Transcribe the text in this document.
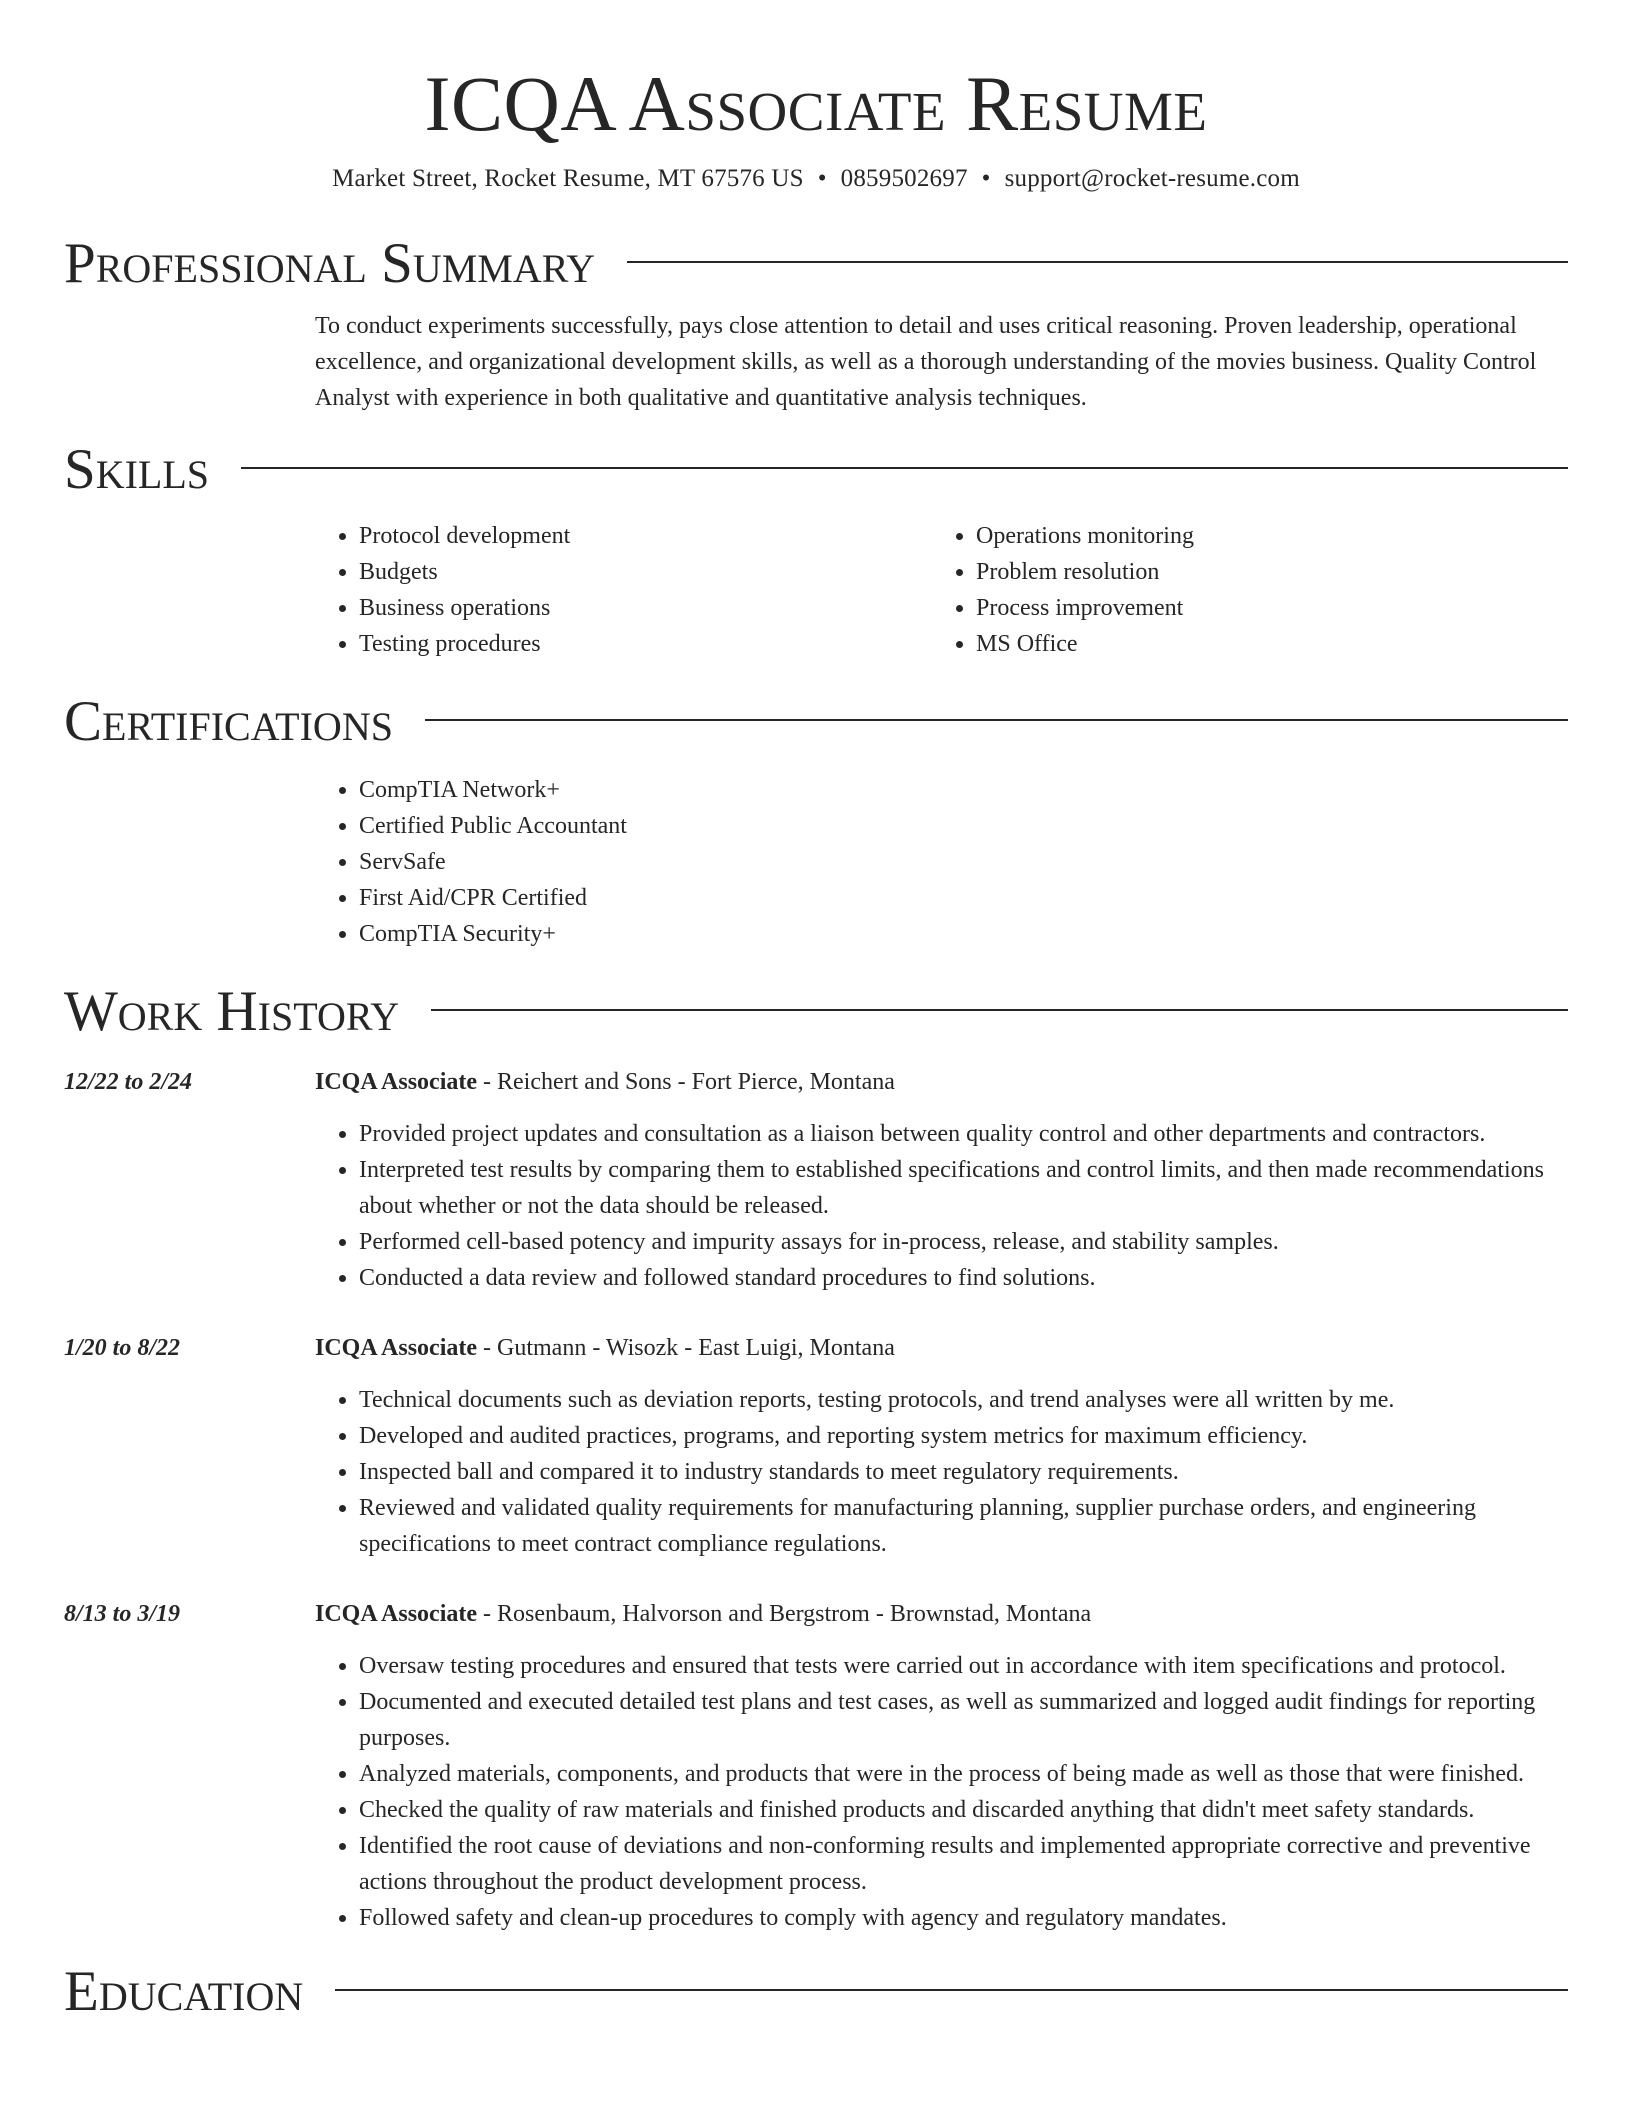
ICQA Associate Resume
Market Street, Rocket Resume, MT 67576 US • 0859502697 • support@rocket-resume.com
Professional Summary
To conduct experiments successfully, pays close attention to detail and uses critical reasoning. Proven leadership, operational excellence, and organizational development skills, as well as a thorough understanding of the movies business. Quality Control Analyst with experience in both qualitative and quantitative analysis techniques.
Skills
• Protocol development
• Budgets
• Business operations
• Testing procedures
• Operations monitoring
• Problem resolution
• Process improvement
• MS Office
Certifications
• CompTIA Network+
• Certified Public Accountant
• ServSafe
• First Aid/CPR Certified
• CompTIA Security+
Work History
12/22 to 2/24	ICQA Associate - Reichert and Sons - Fort Pierce, Montana
• Provided project updates and consultation as a liaison between quality control and other departments and contractors.
• Interpreted test results by comparing them to established specifications and control limits, and then made recommendations about whether or not the data should be released.
• Performed cell-based potency and impurity assays for in-process, release, and stability samples.
• Conducted a data review and followed standard procedures to find solutions.
1/20 to 8/22	ICQA Associate - Gutmann - Wisozk - East Luigi, Montana
• Technical documents such as deviation reports, testing protocols, and trend analyses were all written by me.
• Developed and audited practices, programs, and reporting system metrics for maximum efficiency.
• Inspected ball and compared it to industry standards to meet regulatory requirements.
• Reviewed and validated quality requirements for manufacturing planning, supplier purchase orders, and engineering specifications to meet contract compliance regulations.
8/13 to 3/19	ICQA Associate - Rosenbaum, Halvorson and Bergstrom - Brownstad, Montana
• Oversaw testing procedures and ensured that tests were carried out in accordance with item specifications and protocol.
• Documented and executed detailed test plans and test cases, as well as summarized and logged audit findings for reporting purposes.
• Analyzed materials, components, and products that were in the process of being made as well as those that were finished.
• Checked the quality of raw materials and finished products and discarded anything that didn't meet safety standards.
• Identified the root cause of deviations and non-conforming results and implemented appropriate corrective and preventive actions throughout the product development process.
• Followed safety and clean-up procedures to comply with agency and regulatory mandates.
Education
